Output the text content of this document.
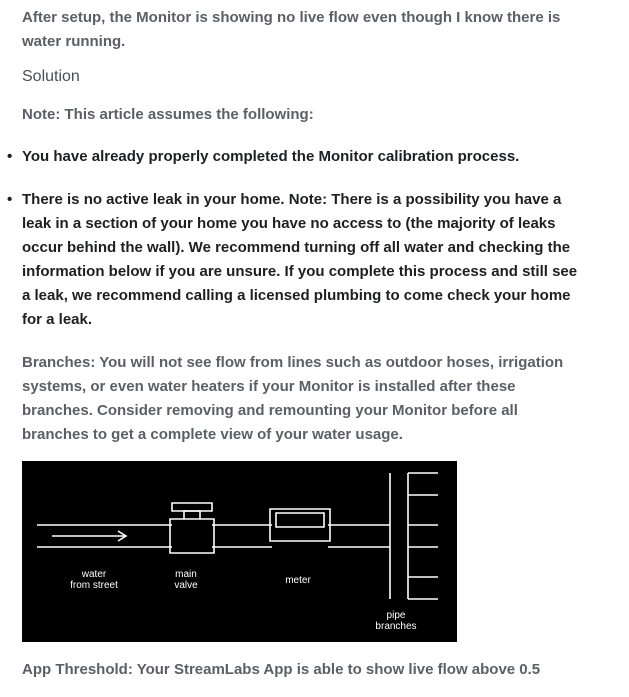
After setup, the Monitor is showing no live flow even though I know there is water running.

Solution

Note: This article assumes the following:

• You have already properly completed the Monitor calibration process.
• There is no active leak in your home. Note: There is a possibility you have a leak in a section of your home you have no access to (the majority of leaks occur behind the wall). We recommend turning off all water and checking the information below if you are unsure. If you complete this process and still see a leak, we recommend calling a licensed plumbing to come check your home for a leak.

Branches: You will not see flow from lines such as outdoor hoses, irrigation systems, or even water heaters if your Monitor is installed after these branches. Consider removing and remounting your Monitor before all branches to get a complete view of your water usage.

water
from street
main
valve	meter
pipe
branches

App Threshold: Your StreamLabs App is able to show live flow above 0.5
